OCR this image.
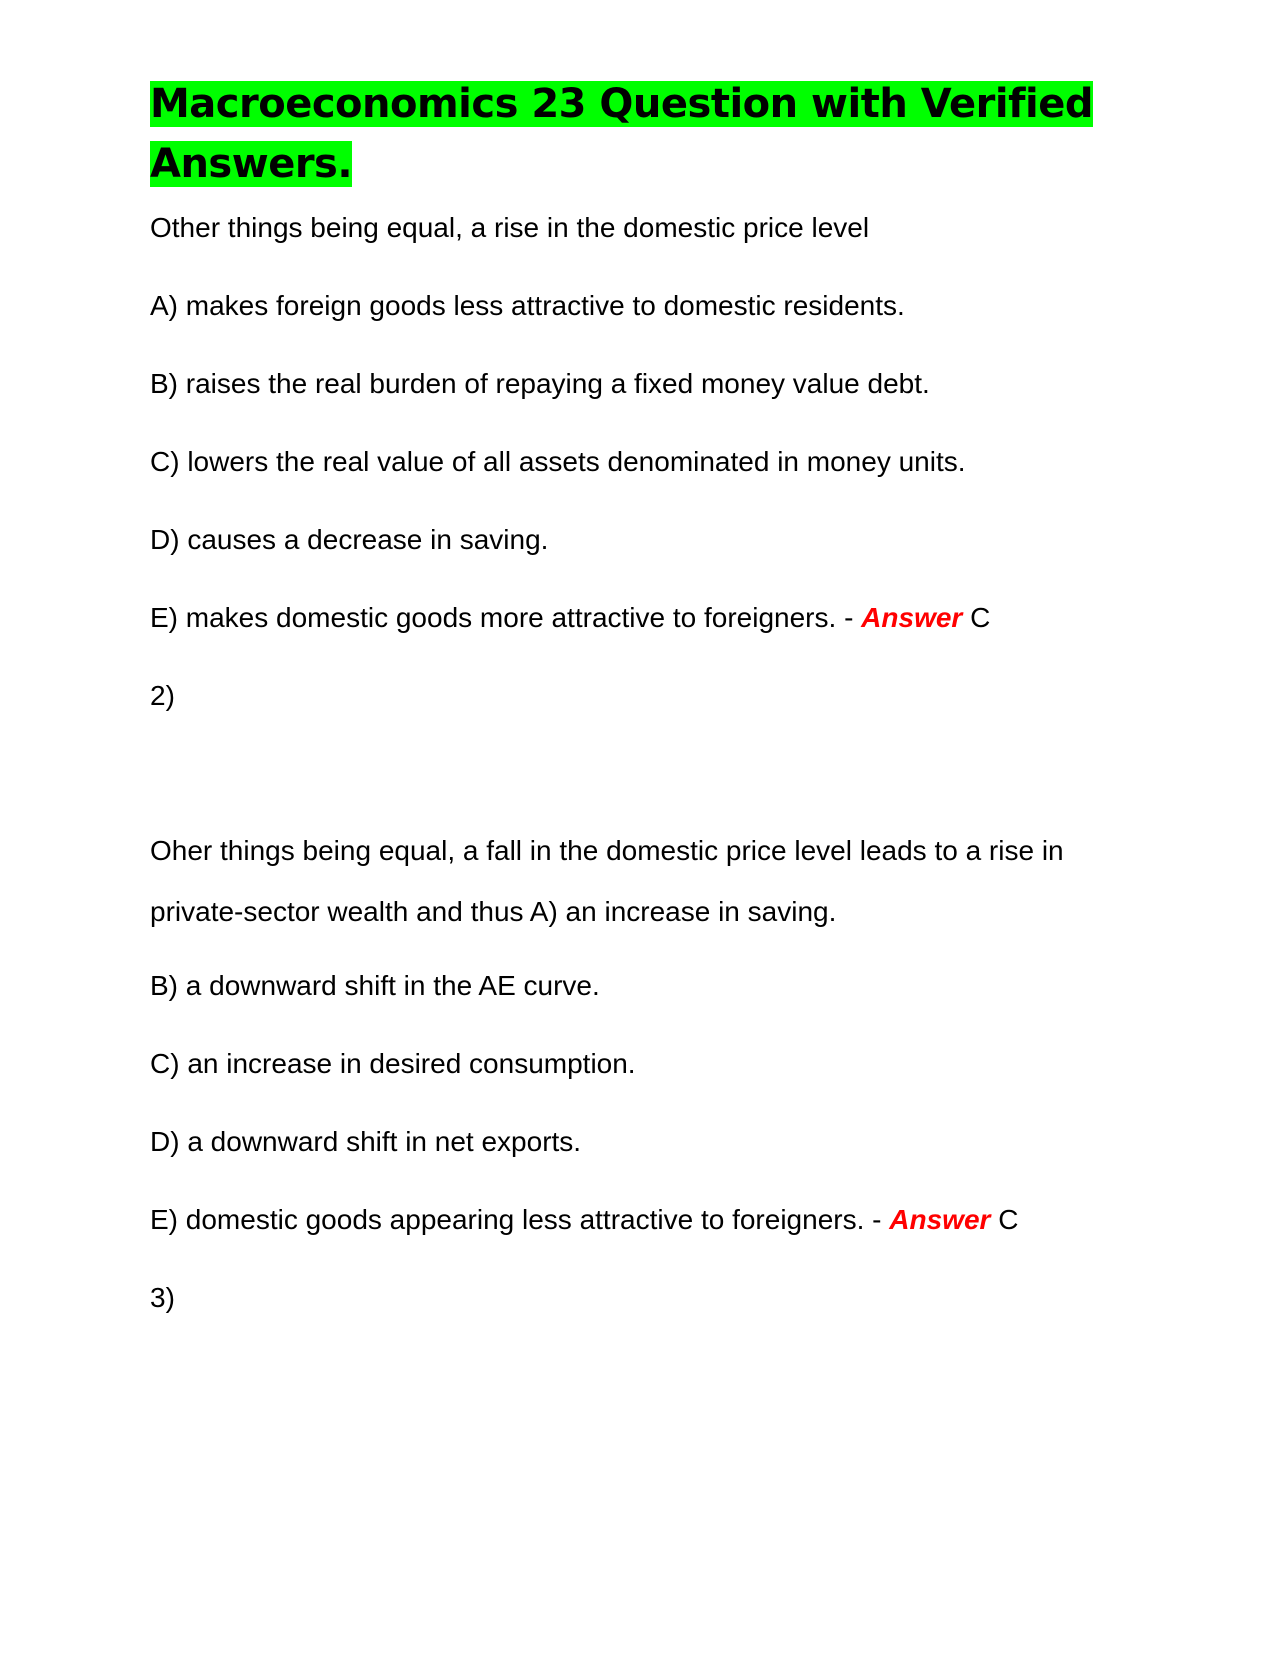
Macroeconomics 23 Question with Verified Answers.

Other things being equal, a rise in the domestic price level

A) makes foreign goods less attractive to domestic residents.

B) raises the real burden of repaying a fixed money value debt.

C) lowers the real value of all assets denominated in money units.

D) causes a decrease in saving.

E) makes domestic goods more attractive to foreigners. - Answer C

2)

Oher things being equal, a fall in the domestic price level leads to a rise in private-sector wealth and thus A) an increase in saving.

B) a downward shift in the AE curve.

C) an increase in desired consumption.

D) a downward shift in net exports.

E) domestic goods appearing less attractive to foreigners. - Answer C

3)
